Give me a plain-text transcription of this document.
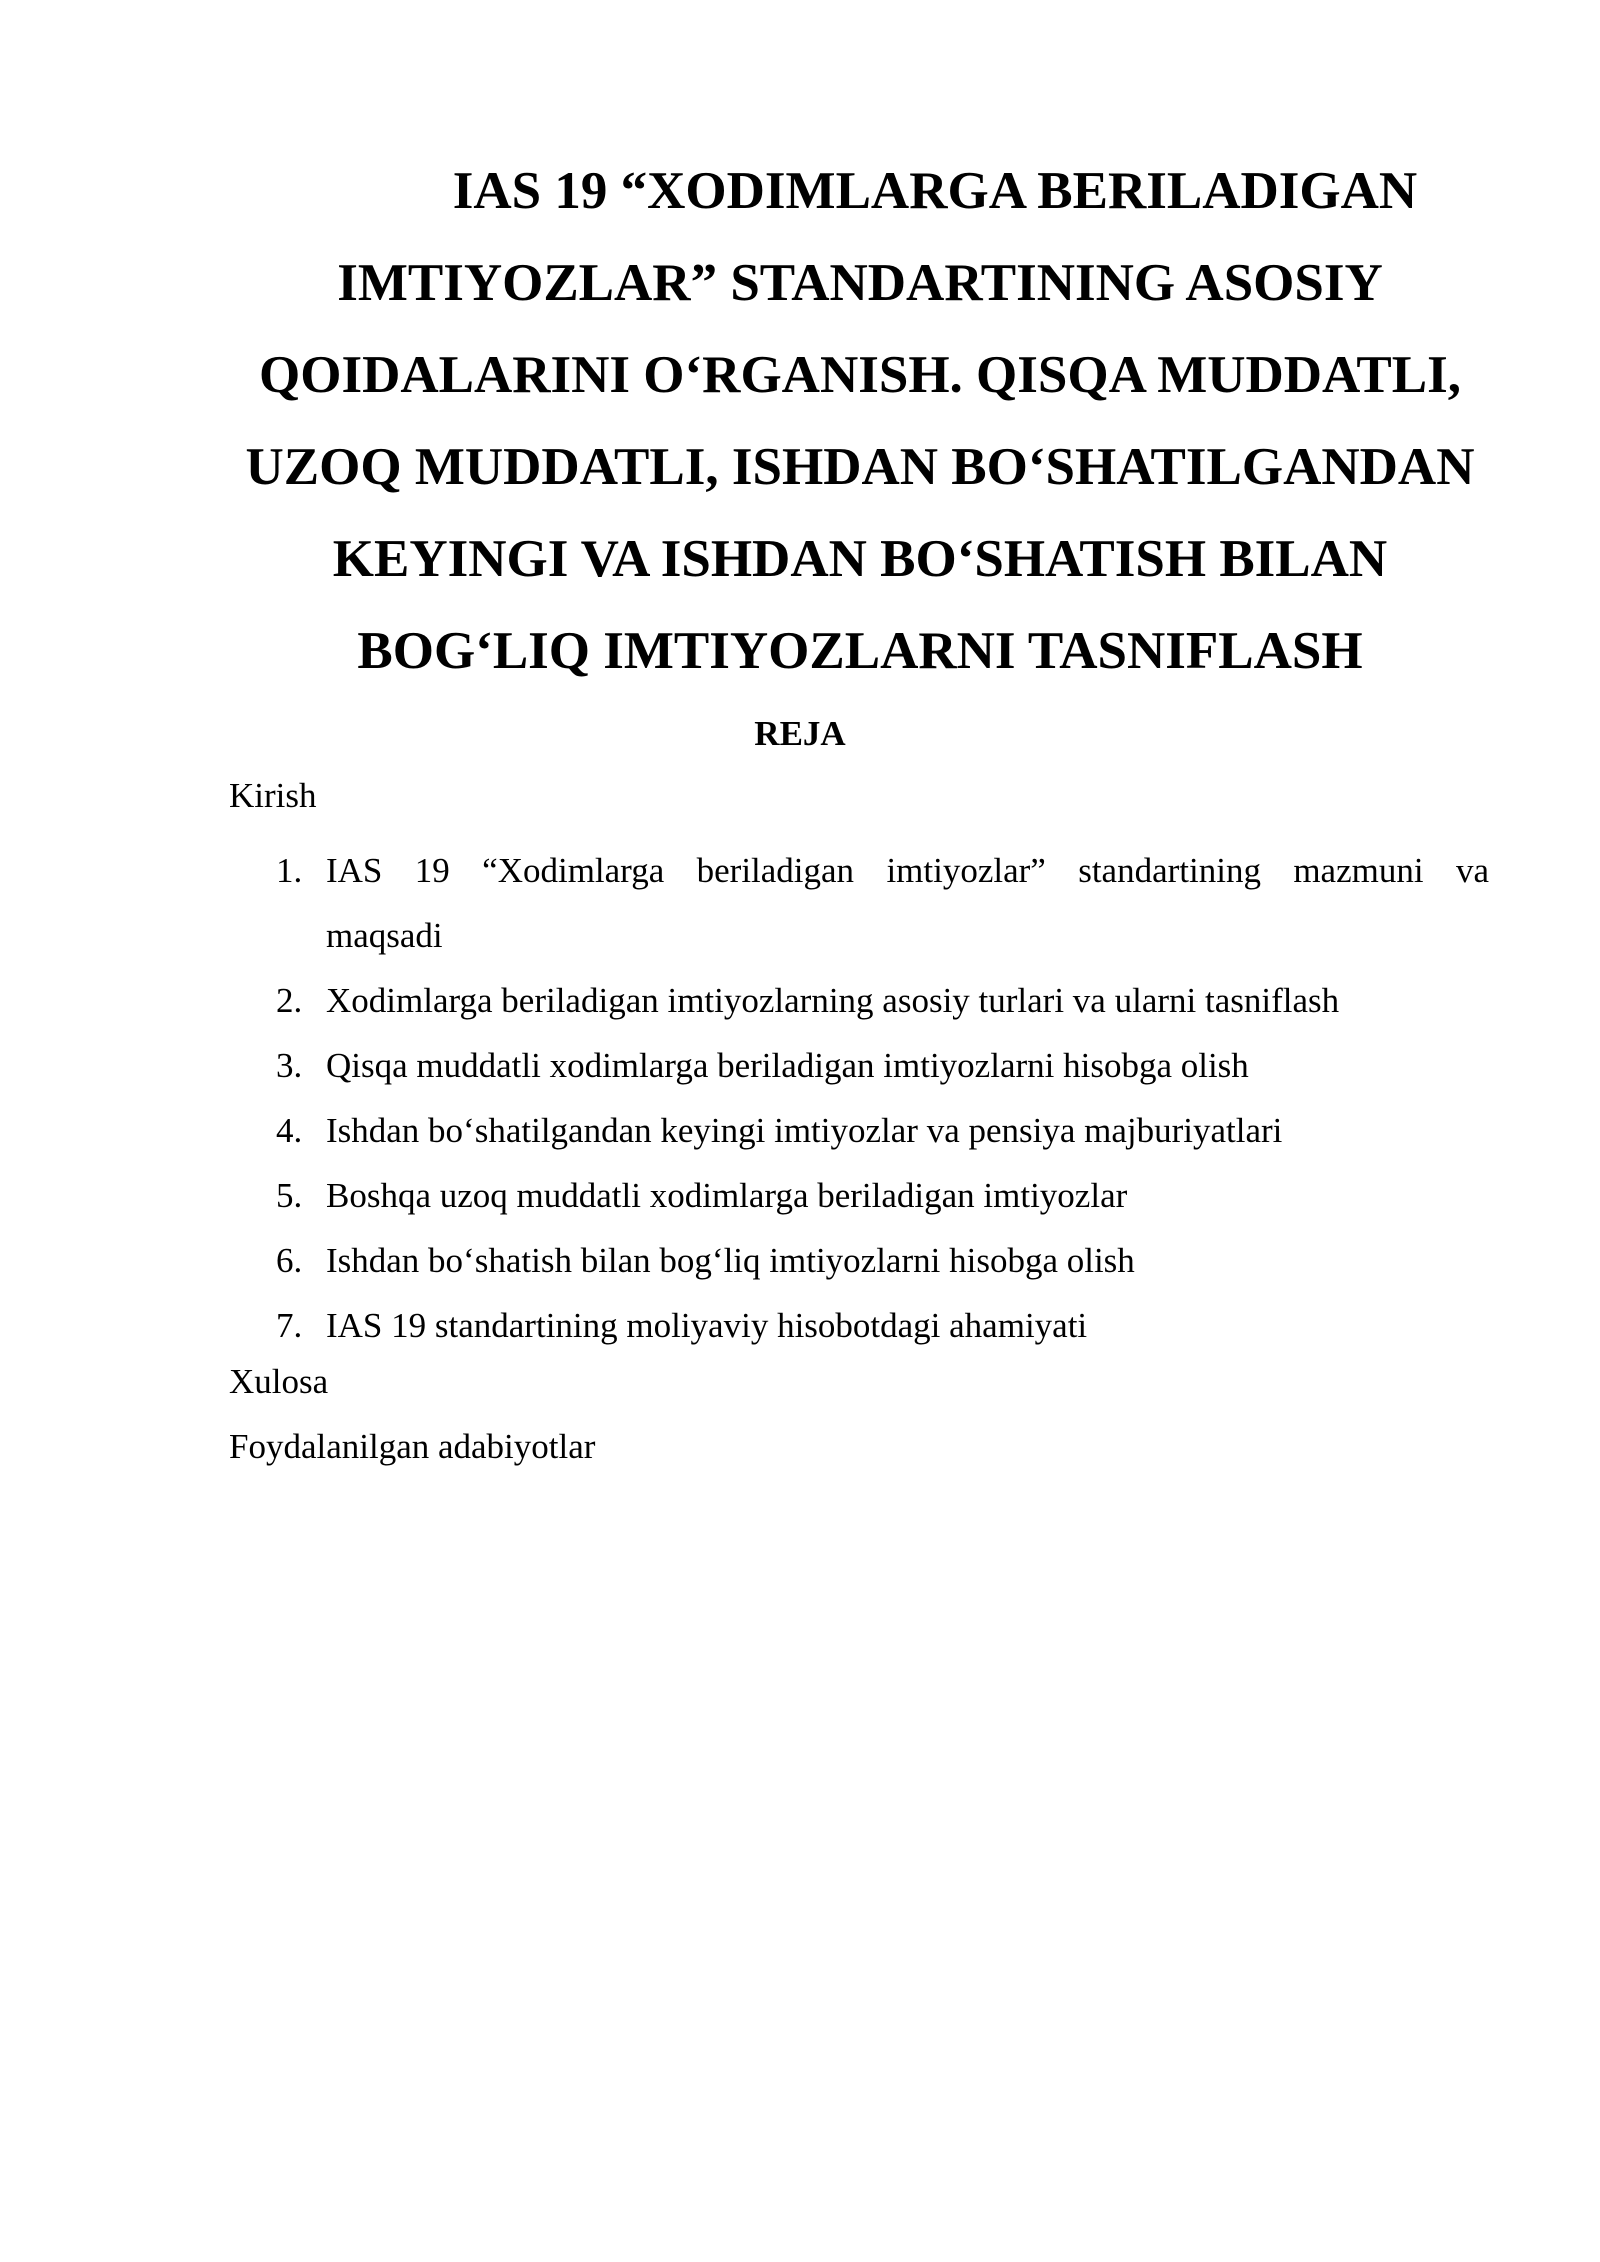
IAS 19 “XODIMLARGA BERILADIGAN
IMTIYOZLAR” STANDARTINING ASOSIY
QOIDALARINI O‘RGANISH. QISQA MUDDATLI,
UZOQ MUDDATLI, ISHDAN BO‘SHATILGANDAN
KEYINGI VA ISHDAN BO‘SHATISH BILAN
BOG‘LIQ IMTIYOZLARNI TASNIFLASH
REJA

Kirish

1. IAS 19 “Xodimlarga beriladigan imtiyozlar” standartining mazmuni va
maqsadi
2. Xodimlarga beriladigan imtiyozlarning asosiy turlari va ularni tasniflash
3. Qisqa muddatli xodimlarga beriladigan imtiyozlarni hisobga olish
4. Ishdan bo‘shatilgandan keyingi imtiyozlar va pensiya majburiyatlari
5. Boshqa uzoq muddatli xodimlarga beriladigan imtiyozlar
6. Ishdan bo‘shatish bilan bog‘liq imtiyozlarni hisobga olish
7. IAS 19 standartining moliyaviy hisobotdagi ahamiyati

Xulosa

Foydalanilgan adabiyotlar
